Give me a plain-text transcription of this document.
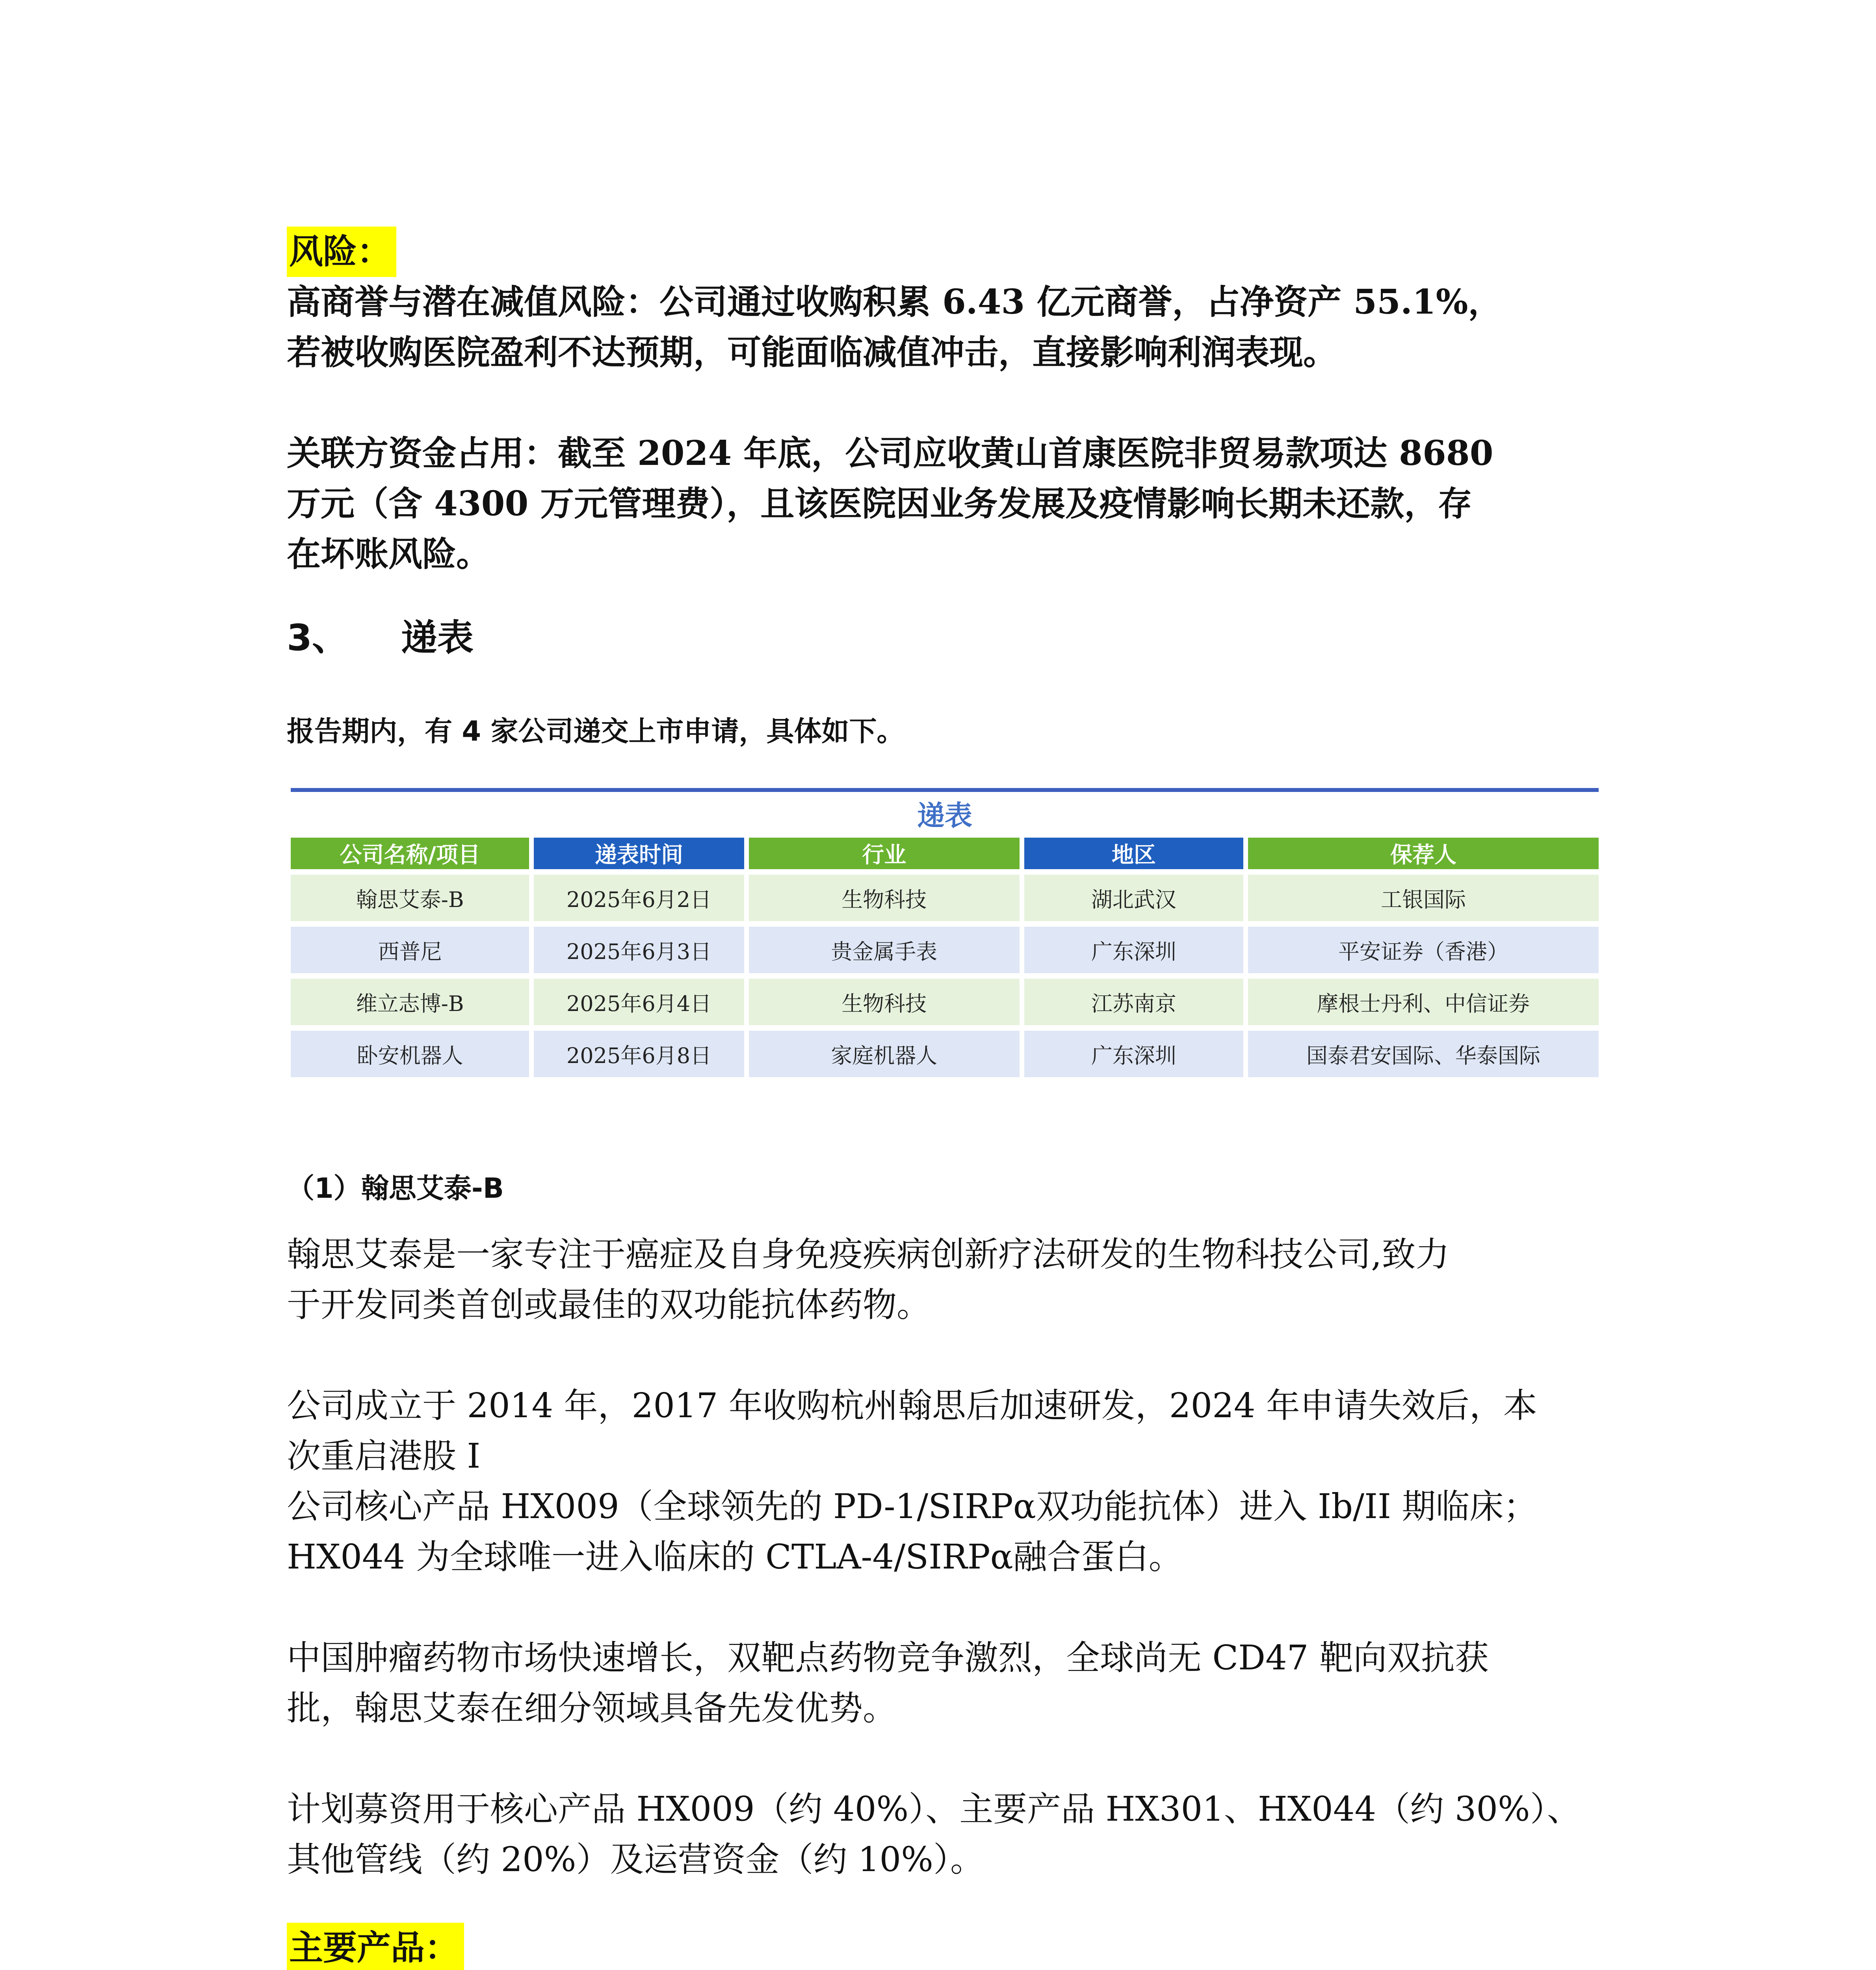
风险：

高商誉与潜在减值风险：公司通过收购积累 6.43 亿元商誉，占净资产 55.1%，
若被收购医院盈利不达预期，可能面临减值冲击，直接影响利润表现。

关联方资金占用：截至 2024 年底，公司应收黄山首康医院非贸易款项达 8680
万元（含 4300 万元管理费），且该医院因业务发展及疫情影响长期未还款，存
在坏账风险。

3、 递表
报告期内，有 4 家公司递交上市申请，具体如下。
递表
公司名称/项目	递表时间	行业	地区	保荐人
翰思艾泰-B	2025年6月2日	生物科技	湖北武汉	工银国际
西普尼	2025年6月3日	贵金属手表	广东深圳	平安证券（香港）
维立志博-B	2025年6月4日	生物科技	江苏南京	摩根士丹利、中信证券
卧安机器人	2025年6月8日	家庭机器人	广东深圳	国泰君安国际、华泰国际
（1）翰思艾泰-B

翰思艾泰是一家专注于癌症及自身免疫疾病创新疗法研发的生物科技公司,致力
于开发同类首创或最佳的双功能抗体药物。

公司成立于 2014 年，2017 年收购杭州翰思后加速研发，2024 年申请失效后，本
次重启港股 I
公司核心产品 HX009（全球领先的 PD-1/SIRPα双功能抗体）进入 Ib/II 期临床；
HX044 为全球唯一进入临床的 CTLA-4/SIRPα融合蛋白。

中国肿瘤药物市场快速增长，双靶点药物竞争激烈，全球尚无 CD47 靶向双抗获
批，翰思艾泰在细分领域具备先发优势。

计划募资用于核心产品 HX009（约 40%）、主要产品 HX301、HX044（约 30%）、
其他管线（约 20%）及运营资金（约 10%）。

主要产品：
